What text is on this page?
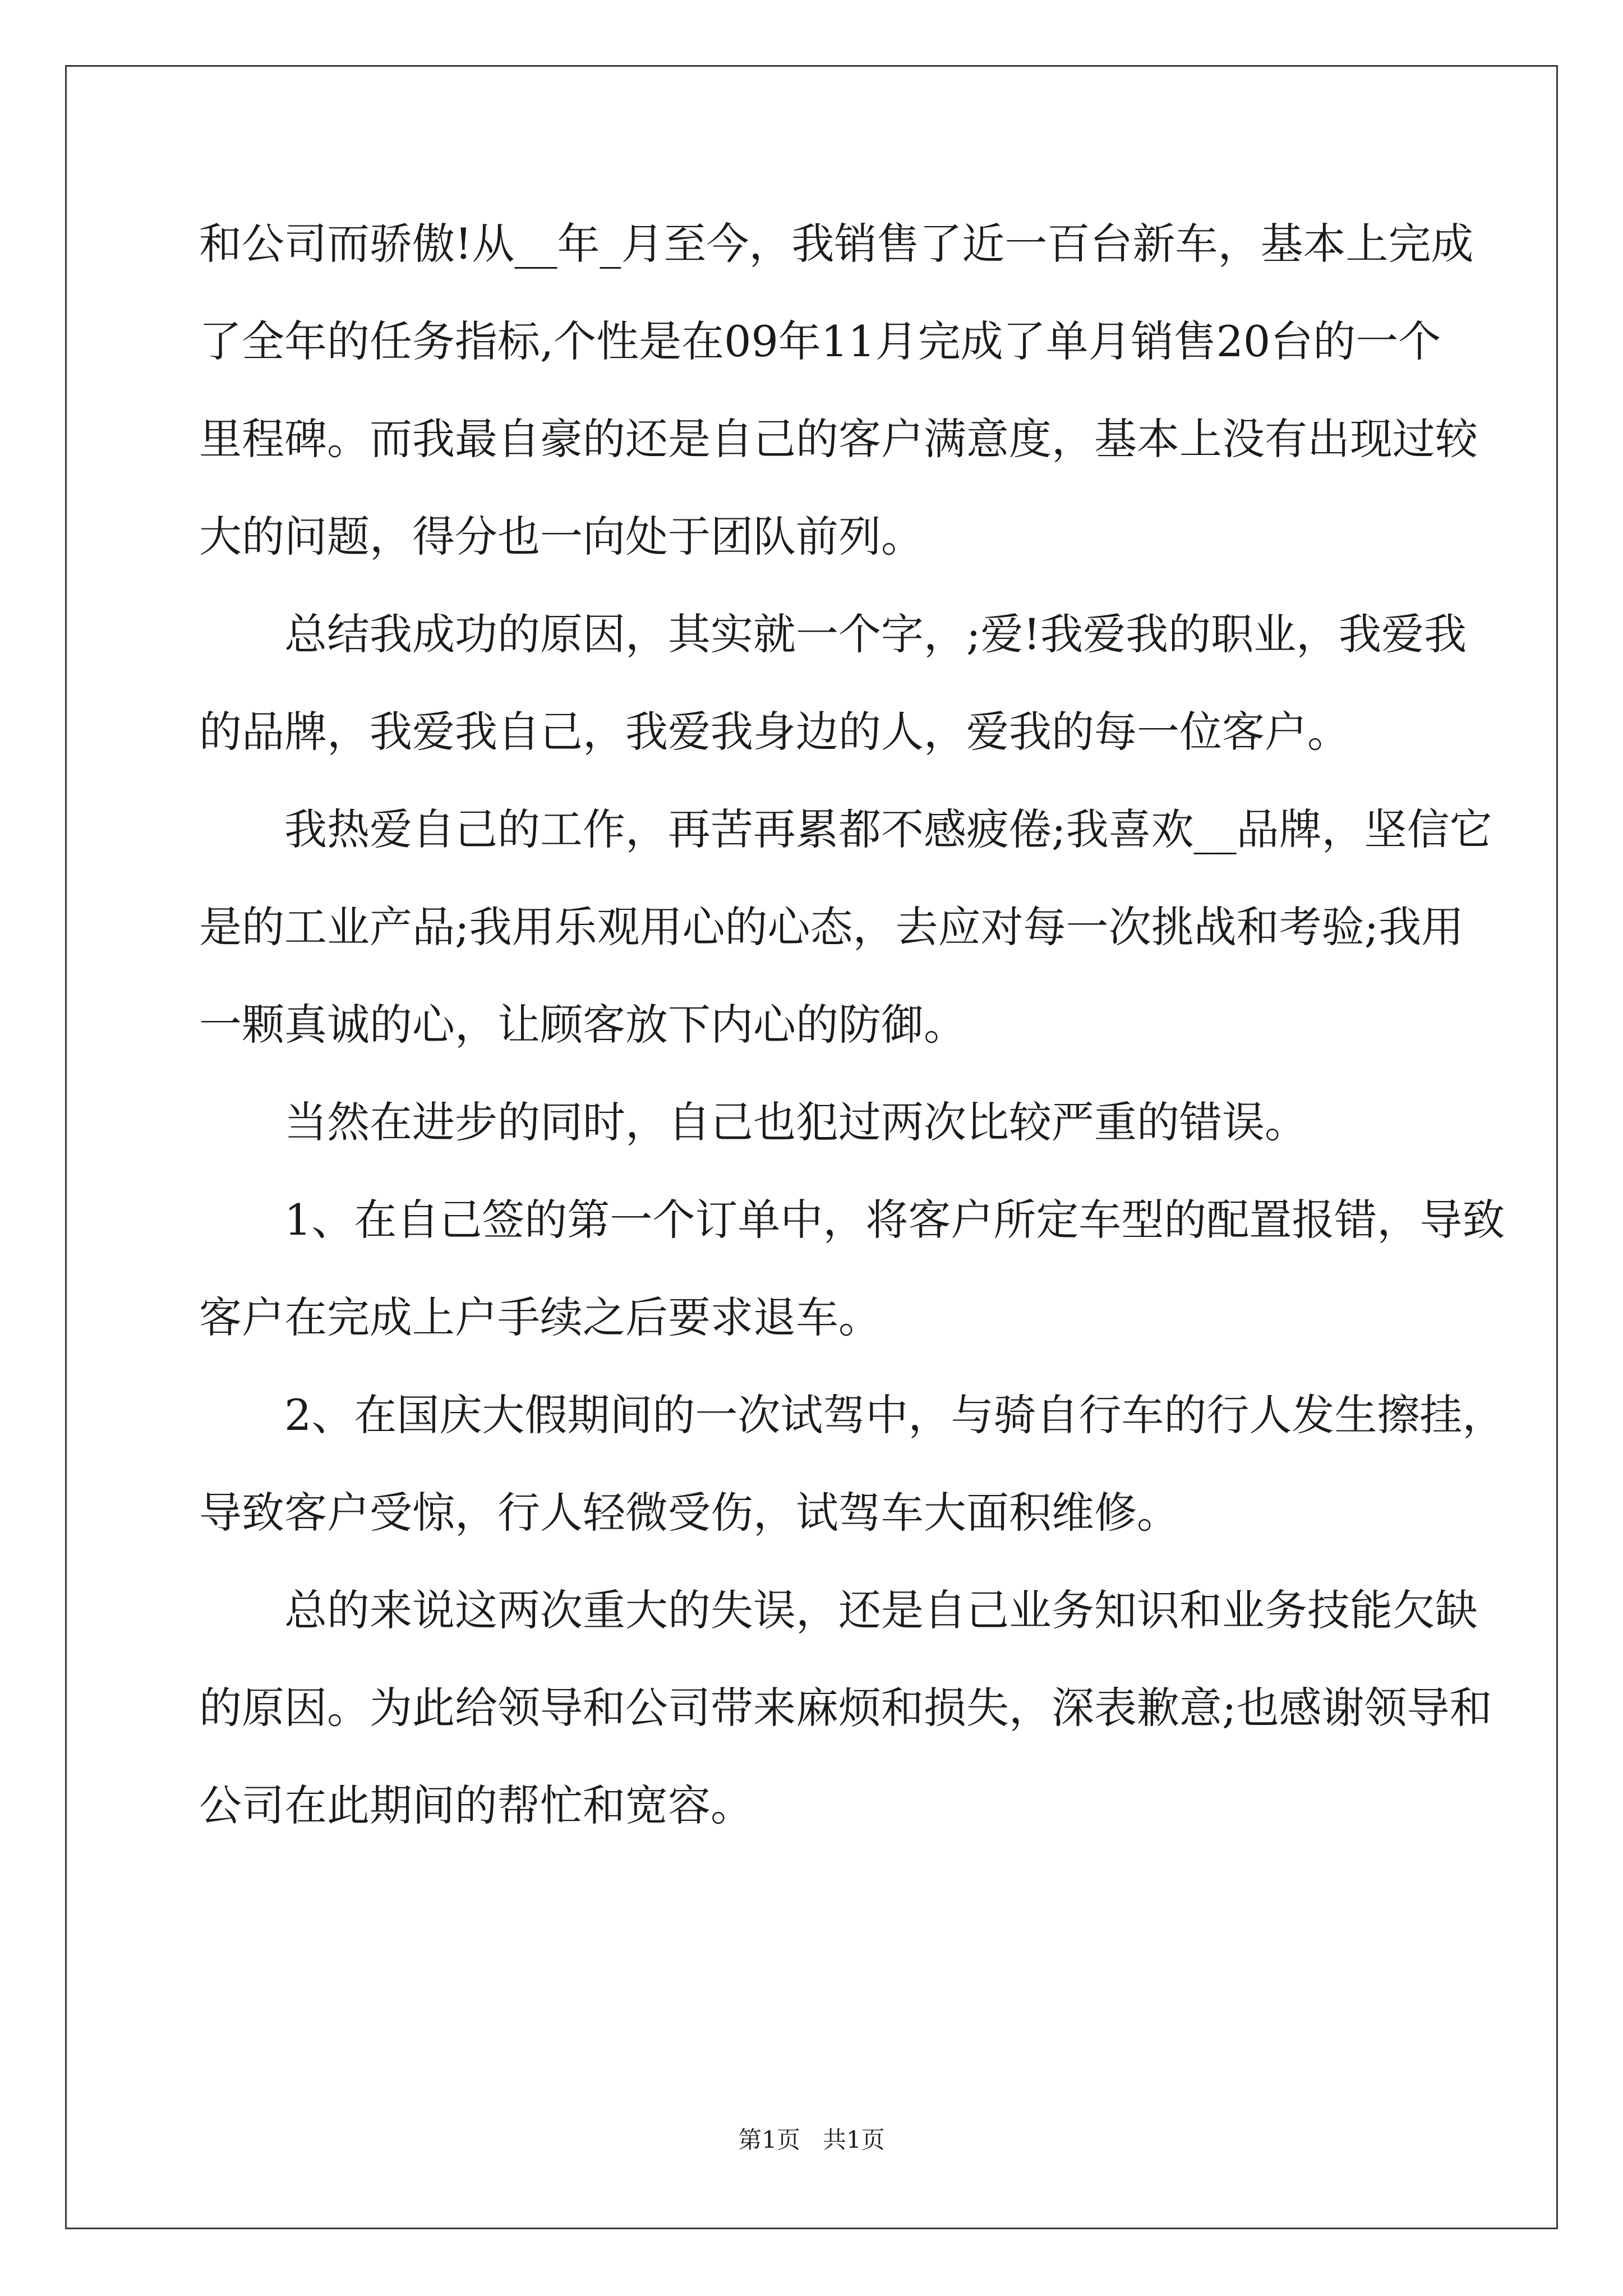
和公司而骄傲!从__年_月至今，我销售了近一百台新车，基本上完成
了全年的任务指标,个性是在09年11月完成了单月销售20台的一个
里程碑。而我最自豪的还是自己的客户满意度，基本上没有出现过较
大的问题，得分也一向处于团队前列。
总结我成功的原因，其实就一个字，;爱!我爱我的职业，我爱我
的品牌，我爱我自己，我爱我身边的人，爱我的每一位客户。
我热爱自己的工作，再苦再累都不感疲倦;我喜欢__品牌，坚信它
是的工业产品;我用乐观用心的心态，去应对每一次挑战和考验;我用
一颗真诚的心，让顾客放下内心的防御。
当然在进步的同时，自己也犯过两次比较严重的错误。
1、在自己签的第一个订单中，将客户所定车型的配置报错，导致
客户在完成上户手续之后要求退车。
2、在国庆大假期间的一次试驾中，与骑自行车的行人发生擦挂，
导致客户受惊，行人轻微受伤，试驾车大面积维修。
总的来说这两次重大的失误，还是自己业务知识和业务技能欠缺
的原因。为此给领导和公司带来麻烦和损失，深表歉意;也感谢领导和
公司在此期间的帮忙和宽容。
第1页   共1页
